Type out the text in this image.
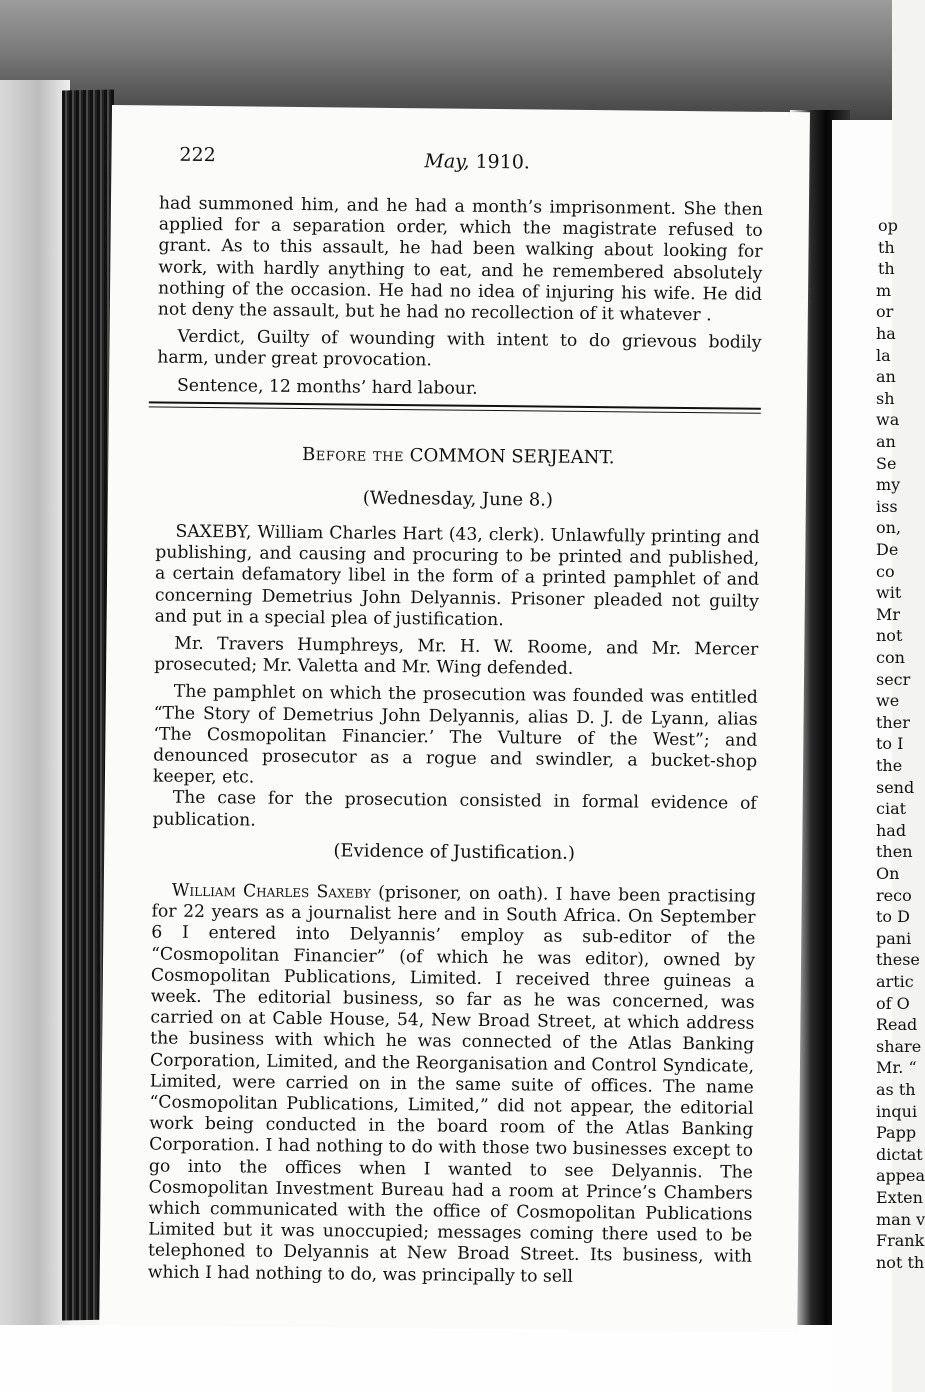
op
th
th
m
or
ha
la
an
sh
wa
an
Se
my
iss
on,
De
co
wit
Mr
not
con
secr
we
ther
to I
the
send
ciat
had
then
On
reco
to D
pani
these
artic
of O
Read
share
Mr. “
as th
inqui
Papp
dictat
appea
Exten
man v
Frank
not th
222	May, 1910.

had summoned him, and he had a month’s imprisonment. She then applied for a separation order, which the magistrate refused to grant. As to this assault, he had been walking about looking for work, with hardly anything to eat, and he remembered absolutely nothing of the occasion. He had no idea of injuring his wife. He did not deny the assault, but he had no recollection of it whatever .

Verdict, Guilty of wounding with intent to do grievous bodily harm, under great provocation.

Sentence, 12 months’ hard labour.

Before the COMMON SERJEANT.
(Wednesday, June 8.)

SAXEBY, William Charles Hart (43, clerk). Unlawfully printing and publishing, and causing and procuring to be printed and published, a certain defamatory libel in the form of a printed pamphlet of and concerning Demetrius John Delyannis. Prisoner pleaded not guilty and put in a special plea of justification.

Mr. Travers Humphreys, Mr. H. W. Roome, and Mr. Mercer prosecuted; Mr. Valetta and Mr. Wing defended.

The pamphlet on which the prosecution was founded was entitled “The Story of Demetrius John Delyannis, alias D. J. de Lyann, alias ‘The Cosmopolitan Financier.’ The Vulture of the West”; and denounced prosecutor as a rogue and swindler, a bucket-shop keeper, etc.

The case for the prosecution consisted in formal evidence of publication.

(Evidence of Justification.)

William Charles Saxeby (prisoner, on oath). I have been practising for 22 years as a journalist here and in South Africa. On September 6 I entered into Delyannis’ employ as sub-editor of the “Cosmopolitan Financier” (of which he was editor), owned by Cosmopolitan Publications, Limited. I received three guineas a week. The editorial business, so far as he was concerned, was carried on at Cable House, 54, New Broad Street, at which address the business with which he was connected of the Atlas Banking Corporation, Limited, and the Reorganisation and Control Syndicate, Limited, were carried on in the same suite of offices. The name “Cosmopolitan Publications, Limited,” did not appear, the editorial work being conducted in the board room of the Atlas Banking Corporation. I had nothing to do with those two businesses except to go into the offices when I wanted to see Delyannis. The Cosmopolitan Investment Bureau had a room at Prince’s Chambers which communicated with the office of Cosmopolitan Publications Limited but it was unoccupied; messages coming there used to be telephoned to Delyannis at New Broad Street. Its business, with which I had nothing to do, was principally to sell
